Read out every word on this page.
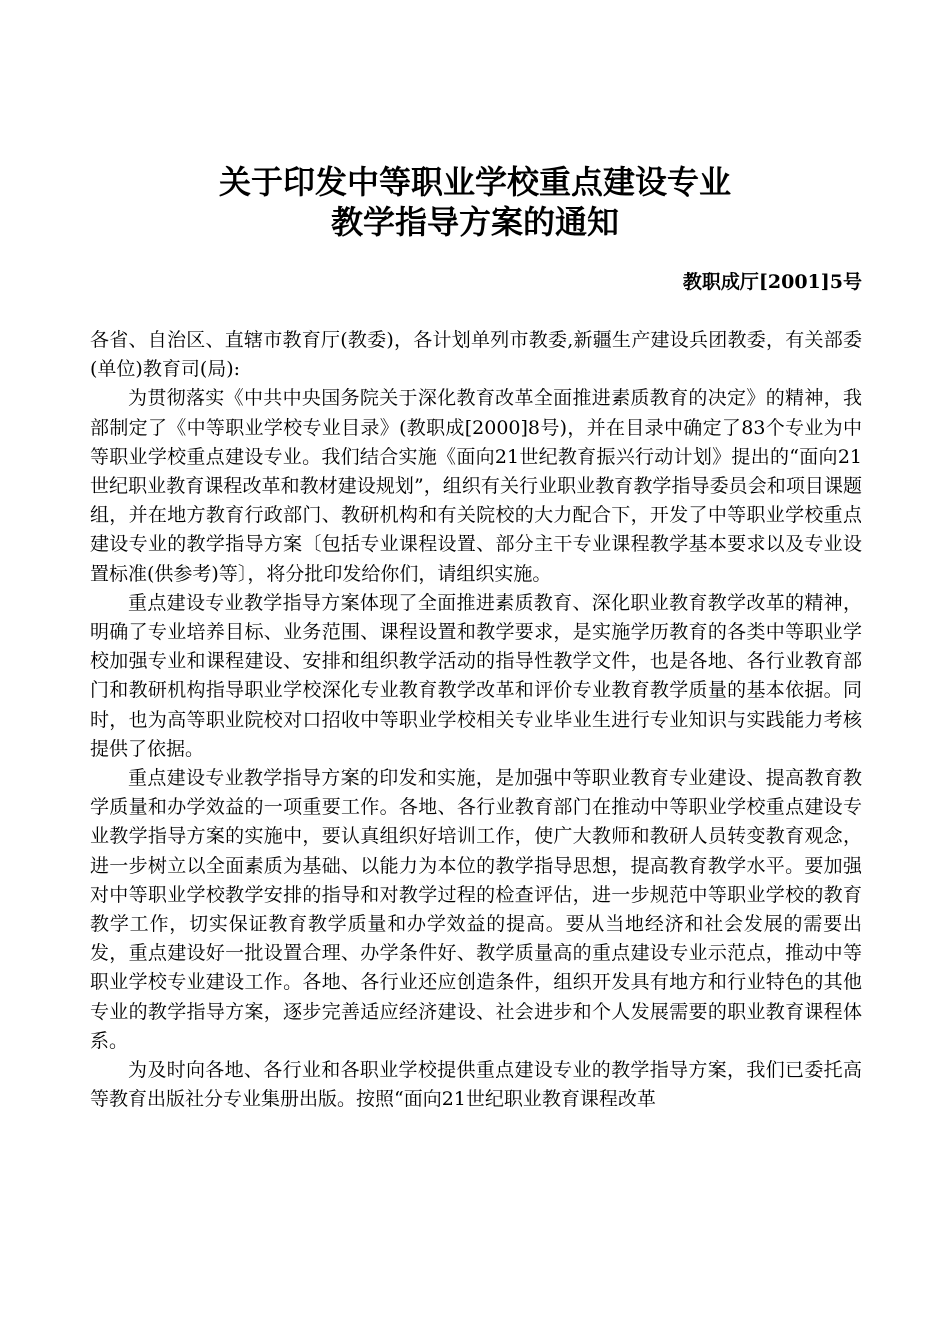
关于印发中等职业学校重点建设专业
教学指导方案的通知
教职成厅[2001]5号

各省、自治区、直辖市教育厅(教委)，各计划单列市教委,新疆生产建设兵团教委，有关部委(单位)教育司(局):

为贯彻落实《中共中央国务院关于深化教育改革全面推进素质教育的决定》的精神，我部制定了《中等职业学校专业目录》(教职成[2000]8号)，并在目录中确定了83个专业为中等职业学校重点建设专业。我们结合实施《面向21世纪教育振兴行动计划》提出的“面向21世纪职业教育课程改革和教材建设规划”，组织有关行业职业教育教学指导委员会和项目课题组，并在地方教育行政部门、教研机构和有关院校的大力配合下，开发了中等职业学校重点建设专业的教学指导方案〔包括专业课程设置、部分主干专业课程教学基本要求以及专业设置标准(供参考)等〕，将分批印发给你们，请组织实施。

重点建设专业教学指导方案体现了全面推进素质教育、深化职业教育教学改革的精神，明确了专业培养目标、业务范围、课程设置和教学要求，是实施学历教育的各类中等职业学校加强专业和课程建设、安排和组织教学活动的指导性教学文件，也是各地、各行业教育部门和教研机构指导职业学校深化专业教育教学改革和评价专业教育教学质量的基本依据。同时，也为高等职业院校对口招收中等职业学校相关专业毕业生进行专业知识与实践能力考核提供了依据。

重点建设专业教学指导方案的印发和实施，是加强中等职业教育专业建设、提高教育教学质量和办学效益的一项重要工作。各地、各行业教育部门在推动中等职业学校重点建设专业教学指导方案的实施中，要认真组织好培训工作，使广大教师和教研人员转变教育观念，进一步树立以全面素质为基础、以能力为本位的教学指导思想，提高教育教学水平。要加强对中等职业学校教学安排的指导和对教学过程的检查评估，进一步规范中等职业学校的教育教学工作，切实保证教育教学质量和办学效益的提高。要从当地经济和社会发展的需要出发，重点建设好一批设置合理、办学条件好、教学质量高的重点建设专业示范点，推动中等职业学校专业建设工作。各地、各行业还应创造条件，组织开发具有地方和行业特色的其他专业的教学指导方案，逐步完善适应经济建设、社会进步和个人发展需要的职业教育课程体系。

为及时向各地、各行业和各职业学校提供重点建设专业的教学指导方案，我们已委托高等教育出版社分专业集册出版。按照“面向21世纪职业教育课程改革
